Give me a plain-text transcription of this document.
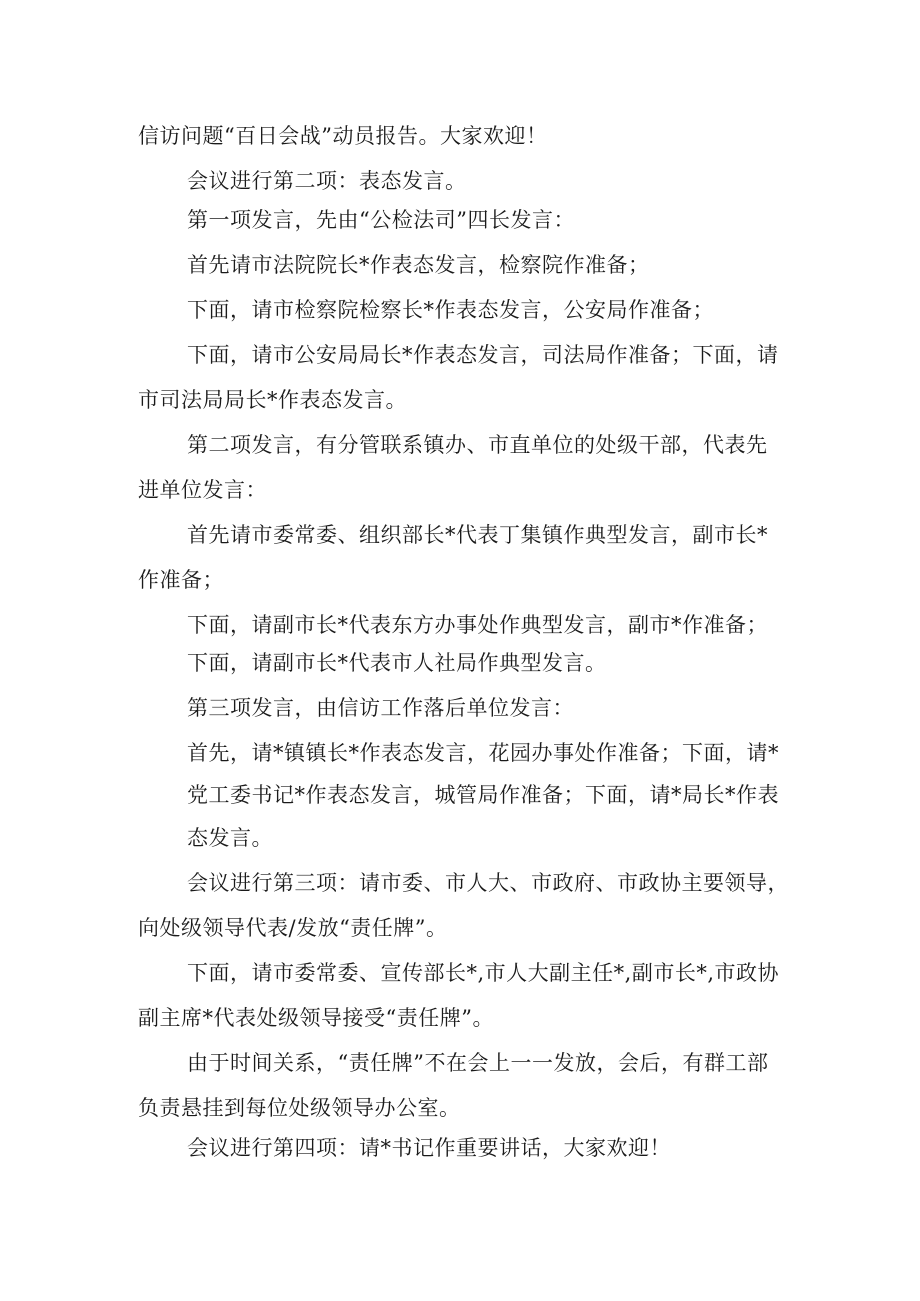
信访问题“百日会战”动员报告。大家欢迎！
会议进行第二项：表态发言。
第一项发言，先由“公检法司”四长发言：
首先请市法院院长*作表态发言，检察院作准备；
下面，请市检察院检察长*作表态发言，公安局作准备；
下面，请市公安局局长*作表态发言，司法局作准备；下面，请
市司法局局长*作表态发言。
第二项发言，有分管联系镇办、市直单位的处级干部，代表先
进单位发言：
首先请市委常委、组织部长*代表丁集镇作典型发言，副市长*
作准备；
下面，请副市长*代表东方办事处作典型发言，副市*作准备；
下面，请副市长*代表市人社局作典型发言。
第三项发言，由信访工作落后单位发言：
首先，请*镇镇长*作表态发言，花园办事处作准备；下面，请*
党工委书记*作表态发言，城管局作准备；下面，请*局长*作表
态发言。
会议进行第三项：请市委、市人大、市政府、市政协主要领导，
向处级领导代表/发放“责任牌”。
下面，请市委常委、宣传部长*,市人大副主任*,副市长*,市政协
副主席*代表处级领导接受“责任牌”。
由于时间关系，“责任牌”不在会上一一发放，会后，有群工部
负责悬挂到每位处级领导办公室。
会议进行第四项：请*书记作重要讲话，大家欢迎！
